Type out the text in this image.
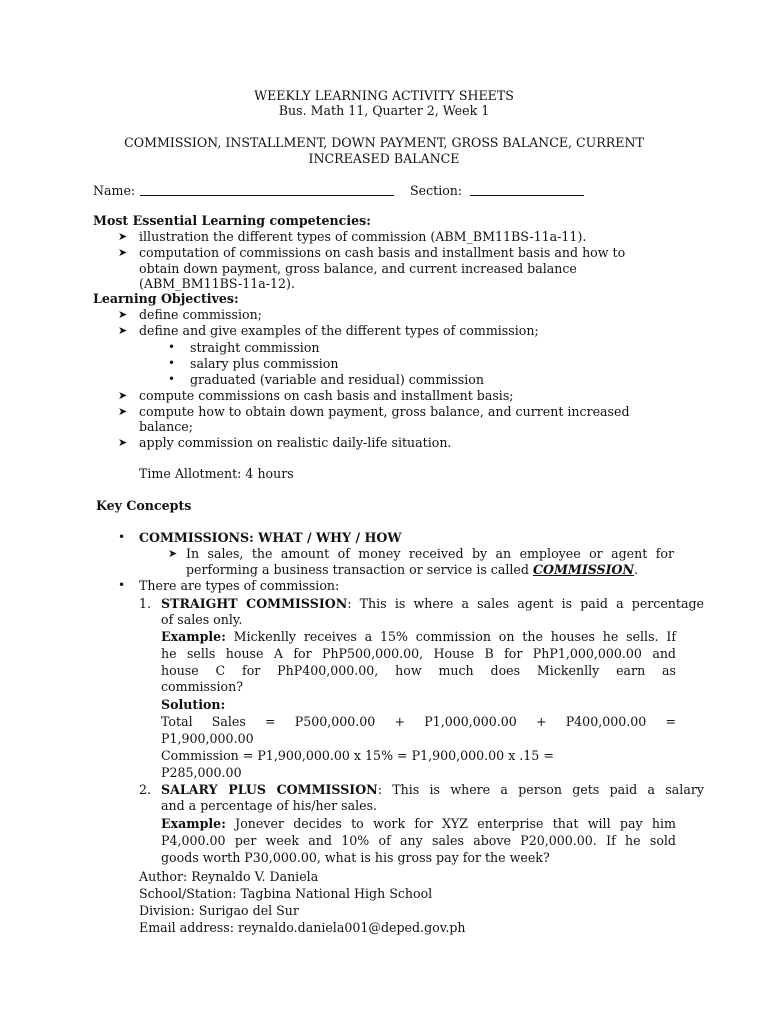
WEEKLY LEARNING ACTIVITY SHEETS
Bus. Math 11, Quarter 2, Week 1
COMMISSION, INSTALLMENT, DOWN PAYMENT, GROSS BALANCE, CURRENT
INCREASED BALANCE
Name:	Section:
Most Essential Learning competencies:
➤ illustration the different types of commission (ABM_BM11BS-11a-11).
➤ computation of commissions on cash basis and installment basis and how to
obtain down payment, gross balance, and current increased balance
(ABM_BM11BS-11a-12).
Learning Objectives:
➤ define commission;
➤ define and give examples of the different types of commission;
• straight commission
• salary plus commission
• graduated (variable and residual) commission
➤ compute commissions on cash basis and installment basis;
➤ compute how to obtain down payment, gross balance, and current increased
balance;
➤ apply commission on realistic daily-life situation.
Time Allotment: 4 hours
Key Concepts
• COMMISSIONS: WHAT / WHY / HOW
➤ In sales, the amount of money received by an employee or agent for
performing a business transaction or service is called COMMISSION.
• There are types of commission:
1. STRAIGHT COMMISSION: This is where a sales agent is paid a percentage
of sales only.
Example: Mickenlly receives a 15% commission on the houses he sells. If
he sells house A for PhP500,000.00, House B for PhP1,000,000.00 and
house C for PhP400,000.00, how much does Mickenlly earn as
commission?
Solution:
Total Sales = P500,000.00 + P1,000,000.00 + P400,000.00 =
P1,900,000.00
Commission = P1,900,000.00 x 15% = P1,900,000.00 x .15 =
P285,000.00
2. SALARY PLUS COMMISSION: This is where a person gets paid a salary
and a percentage of his/her sales.
Example: Jonever decides to work for XYZ enterprise that will pay him
P4,000.00 per week and 10% of any sales above P20,000.00. If he sold
goods worth P30,000.00, what is his gross pay for the week?
Author: Reynaldo V. Daniela
School/Station: Tagbina National High School
Division: Surigao del Sur
Email address: reynaldo.daniela001@deped.gov.ph
